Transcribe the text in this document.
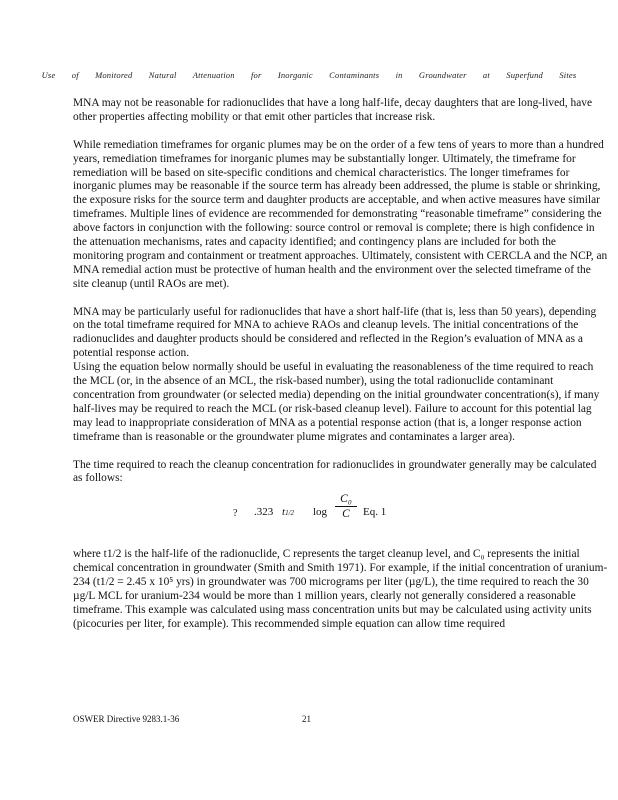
Use of Monitored Natural Attenuation for Inorganic Contaminants in Groundwater at Superfund Sites

MNA may not be reasonable for radionuclides that have a long half-life, decay daughters that are long-lived, have other properties affecting mobility or that emit other particles that increase risk.

While remediation timeframes for organic plumes may be on the order of a few tens of years to more than a hundred years, remediation timeframes for inorganic plumes may be substantially longer. Ultimately, the timeframe for remediation will be based on site-specific conditions and chemical characteristics. The longer timeframes for inorganic plumes may be reasonable if the source term has already been addressed, the plume is stable or shrinking, the exposure risks for the source term and daughter products are acceptable, and when active measures have similar timeframes. Multiple lines of evidence are recommended for demonstrating “reasonable timeframe” considering the above factors in conjunction with the following: source control or removal is complete; there is high confidence in the attenuation mechanisms, rates and capacity identified; and contingency plans are included for both the monitoring program and containment or treatment approaches. Ultimately, consistent with CERCLA and the NCP, an MNA remedial action must be protective of human health and the environment over the selected timeframe of the site cleanup (until RAOs are met).

MNA may be particularly useful for radionuclides that have a short half-life (that is, less than 50 years), depending on the total timeframe required for MNA to achieve RAOs and cleanup levels. The initial concentrations of the radionuclides and daughter products should be considered and reflected in the Region’s evaluation of MNA as a potential response action.

Using the equation below normally should be useful in evaluating the reasonableness of the time required to reach the MCL (or, in the absence of an MCL, the risk-based number), using the total radionuclide contaminant concentration from groundwater (or selected media) depending on the initial groundwater concentration(s), if many half-lives may be required to reach the MCL (or risk-based cleanup level). Failure to account for this potential lag may lead to inappropriate consideration of MNA as a potential response action (that is, a longer response action timeframe than is reasonable or the groundwater plume migrates and contaminates a larger area).

The time required to reach the cleanup concentration for radionuclides in groundwater generally may be calculated as follows:

? .323 t1/2 $\log \frac{\text{C₀}}{C} Eq$. 1

where t1/2 is the half-life of the radionuclide, C represents the target cleanup level, and C₀ represents the initial chemical concentration in groundwater (Smith and Smith 1971). For example, if the initial concentration of uranium-234 (t1/2 = 2.45 x 10⁵ yrs) in groundwater was 700 micrograms per liter (µg/L), the time required to reach the 30 µg/L MCL for uranium-234 would be more than 1 million years, clearly not generally considered a reasonable timeframe. This example was calculated using mass concentration units but may be calculated using activity units (picocuries per liter, for example). This recommended simple equation can allow time required

OSWER Directive 9283.1-36	21
